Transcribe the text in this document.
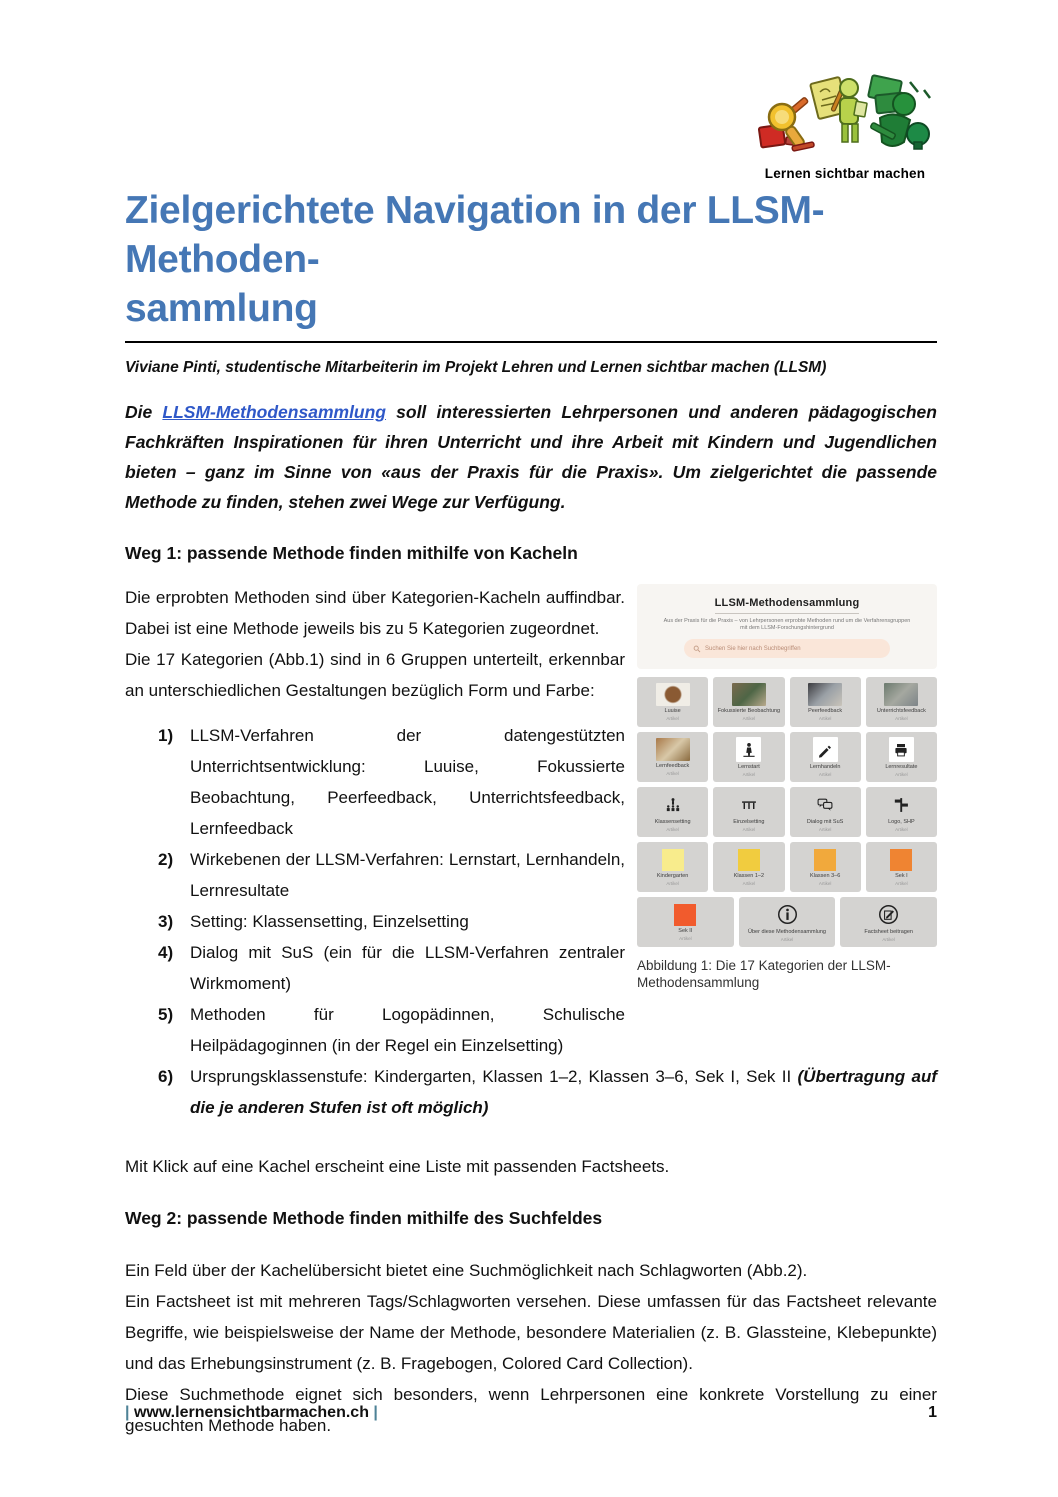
Lernen sichtbar machen
Zielgerichtete Navigation in der LLSM-Methoden-
sammlung

Viviane Pinti, studentische Mitarbeiterin im Projekt Lehren und Lernen sichtbar machen (LLSM)

Die LLSM-Methodensammlung soll interessierten Lehrpersonen und anderen pädagogischen Fachkräften Inspirationen für ihren Unterricht und ihre Arbeit mit Kindern und Jugendlichen bieten – ganz im Sinne von «aus der Praxis für die Praxis». Um zielgerichtet die passende Methode zu finden, stehen zwei Wege zur Verfügung.

Weg 1: passende Methode finden mithilfe von Kacheln
LLSM-Methodensammlung
Aus der Praxis für die Praxis – von Lehrpersonen erprobte Methoden rund um die Verfahrensgruppen mit dem LLSM-Forschungshintergrund
Suchen Sie hier nach Suchbegriffen
Luuise
Artikel
Fokussierte Beobachtung
Artikel
Peerfeedback
Artikel
Unterrichtsfeedback
Artikel
Lernfeedback
Artikel
Lernstart
Artikel
Lernhandeln
Artikel
Lernresultate
Artikel
Klassensetting
Artikel
Einzelsetting
Artikel
Dialog mit SuS
Artikel
Logo, SHP
Artikel
Kindergarten
Artikel
Klassen 1–2
Artikel
Klassen 3–6
Artikel
Sek I
Artikel
Sek II
Artikel
Über diese Methodensammlung
Artikel
Factsheet beitragen
Artikel
Abbildung 1: Die 17 Kategorien der LLSM-Methodensammlung

Die erprobten Methoden sind über Kategorien-Kacheln auffindbar. Dabei ist eine Methode jeweils bis zu 5 Kategorien zugeordnet.

Die 17 Kategorien (Abb.1) sind in 6 Gruppen unterteilt, erkennbar an unterschiedlichen Gestaltungen bezüglich Form und Farbe:

1) LLSM-Verfahren der datengestützten Unterrichtsentwicklung: Luuise, Fokussierte Beobachtung, Peerfeedback, Unterrichtsfeedback, Lernfeedback
2) Wirkebenen der LLSM-Verfahren: Lernstart, Lernhandeln, Lernresultate
3) Setting: Klassensetting, Einzelsetting
4) Dialog mit SuS (ein für die LLSM-Verfahren zentraler Wirkmoment)
5) Methoden für Logopädinnen, Schulische Heilpädagoginnen (in der Regel ein Einzelsetting)
6) Ursprungsklassenstufe: Kindergarten, Klassen 1–2, Klassen 3–6, Sek I, Sek II (Übertragung auf die je anderen Stufen ist oft möglich)

Mit Klick auf eine Kachel erscheint eine Liste mit passenden Factsheets.

Weg 2: passende Methode finden mithilfe des Suchfeldes

Ein Feld über der Kachelübersicht bietet eine Suchmöglichkeit nach Schlagworten (Abb.2).

Ein Factsheet ist mit mehreren Tags/Schlagworten versehen. Diese umfassen für das Factsheet relevante Begriffe, wie beispielsweise der Name der Methode, besondere Materialien (z. B. Glassteine, Klebepunkte) und das Erhebungsinstrument (z. B. Fragebogen, Colored Card Collection).

Diese Suchmethode eignet sich besonders, wenn Lehrpersonen eine konkrete Vorstellung zu einer gesuchten Methode haben.

| www.lernensichtbarmachen.ch |	1
